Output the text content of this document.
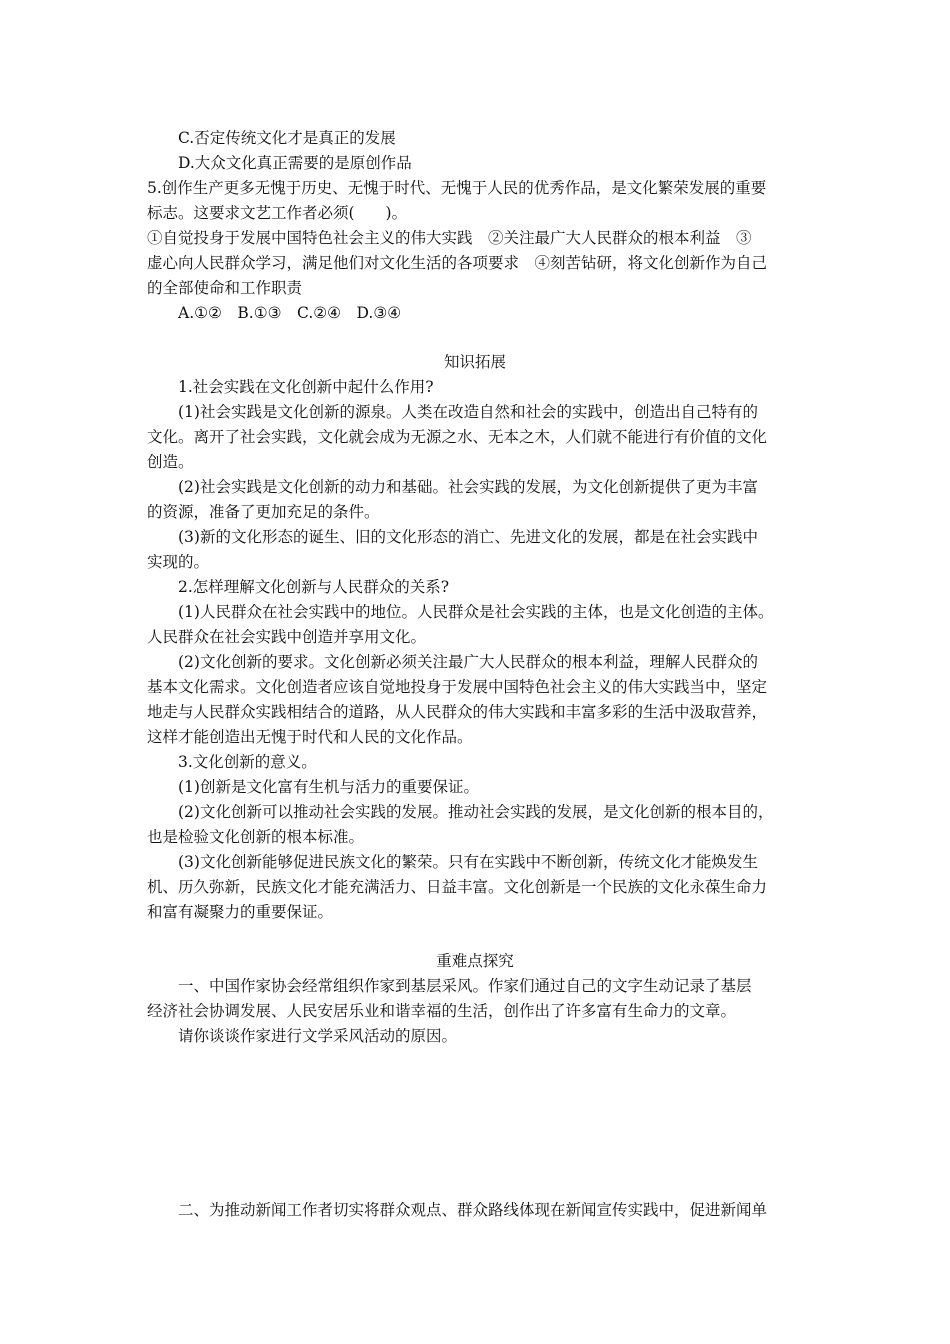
C.否定传统文化才是真正的发展
D.大众文化真正需要的是原创作品
5.创作生产更多无愧于历史、无愧于时代、无愧于人民的优秀作品，是文化繁荣发展的重要
标志。这要求文艺工作者必须(　　)。
①自觉投身于发展中国特色社会主义的伟大实践　②关注最广大人民群众的根本利益　③
虚心向人民群众学习，满足他们对文化生活的各项要求　④刻苦钻研，将文化创新作为自己
的全部使命和工作职责
A.①②　B.①③　C.②④　D.③④
知识拓展
1.社会实践在文化创新中起什么作用?
(1)社会实践是文化创新的源泉。人类在改造自然和社会的实践中，创造出自己特有的
文化。离开了社会实践，文化就会成为无源之水、无本之木，人们就不能进行有价值的文化
创造。
(2)社会实践是文化创新的动力和基础。社会实践的发展，为文化创新提供了更为丰富
的资源，准备了更加充足的条件。
(3)新的文化形态的诞生、旧的文化形态的消亡、先进文化的发展，都是在社会实践中
实现的。
2.怎样理解文化创新与人民群众的关系?
(1)人民群众在社会实践中的地位。人民群众是社会实践的主体，也是文化创造的主体。
人民群众在社会实践中创造并享用文化。
(2)文化创新的要求。文化创新必须关注最广大人民群众的根本利益，理解人民群众的
基本文化需求。文化创造者应该自觉地投身于发展中国特色社会主义的伟大实践当中，坚定
地走与人民群众实践相结合的道路，从人民群众的伟大实践和丰富多彩的生活中汲取营养，
这样才能创造出无愧于时代和人民的文化作品。
3.文化创新的意义。
(1)创新是文化富有生机与活力的重要保证。
(2)文化创新可以推动社会实践的发展。推动社会实践的发展，是文化创新的根本目的，
也是检验文化创新的根本标准。
(3)文化创新能够促进民族文化的繁荣。只有在实践中不断创新，传统文化才能焕发生
机、历久弥新，民族文化才能充满活力、日益丰富。文化创新是一个民族的文化永葆生命力
和富有凝聚力的重要保证。
重难点探究
一、中国作家协会经常组织作家到基层采风。作家们通过自己的文字生动记录了基层
经济社会协调发展、人民安居乐业和谐幸福的生活，创作出了许多富有生命力的文章。
请你谈谈作家进行文学采风活动的原因。
二、为推动新闻工作者切实将群众观点、群众路线体现在新闻宣传实践中，促进新闻单
